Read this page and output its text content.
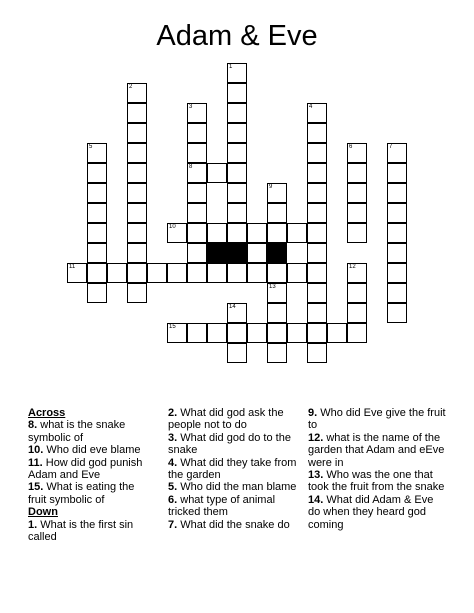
Adam & Eve
1
2
3
8
4
5	6	7
9
10
11	12
13
14
15
Across
8. what is the snake symbolic of
10. Who did eve blame
11. How did god punish Adam and Eve
15. What is eating the fruit symbolic of
Down
1. What is the first sin called
2. What did god ask the people not to do
3. What did god do to the snake
4. What did they take from the garden
5. Who did the man blame
6. what type of animal tricked them
7. What did the snake do
9. Who did Eve give the fruit to
12. what is the name of the garden that Adam and eEve were in
13. Who was the one that took the fruit from the snake
14. What did Adam & Eve do when they heard god coming
